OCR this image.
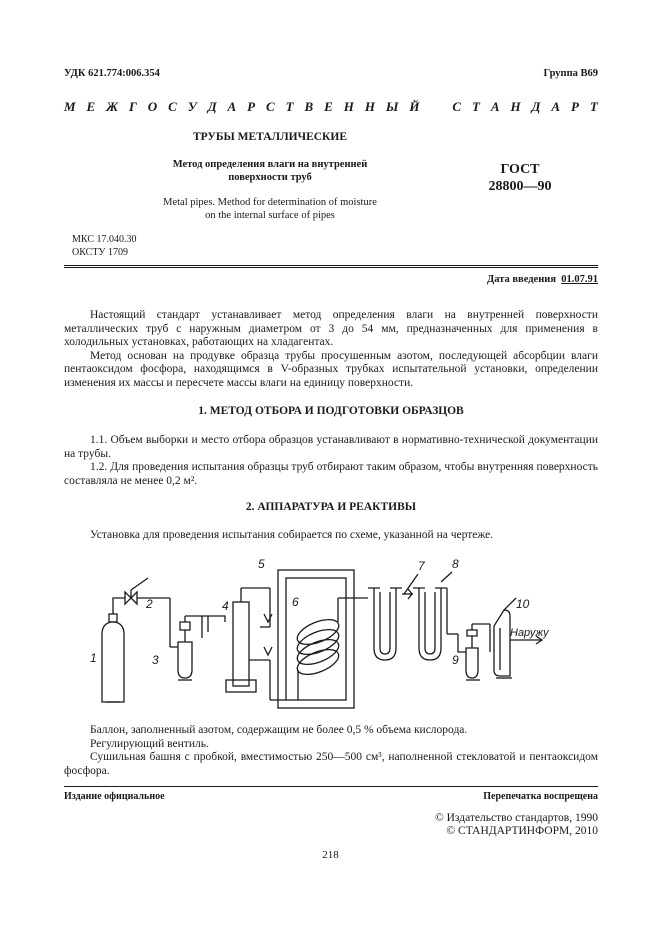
УДК 621.774:006.354	Группа В69
М Е Ж Г О С У Д А Р С Т В Е Н Н Ы Й	С Т А Н Д А Р Т
ТРУБЫ МЕТАЛЛИЧЕСКИЕ
Метод определения влаги на внутренней
поверхности труб
Metal pipes. Method for determination of moisture
on the internal surface of pipes
ГОСТ
28800—90
МКС 17.040.30
ОКСТУ 1709
Дата введения 01.07.91

Настоящий стандарт устанавливает метод определения влаги на внутренней поверхности металлических труб с наружным диаметром от 3 до 54 мм, предназначенных для применения в холодильных установках, работающих на хладагентах.

Метод основан на продувке образца трубы просушенным азотом, последующей абсорбции влаги пентаоксидом фосфора, находящимся в V-образных трубках испытательной установки, определении изменения их массы и пересчете массы влаги на единицу поверхности.

1. МЕТОД ОТБОРА И ПОДГОТОВКИ ОБРАЗЦОВ

1.1. Объем выборки и место отбора образцов устанавливают в нормативно-технической документации на трубы.

1.2. Для проведения испытания образцы труб отбирают таким образом, чтобы внутренняя поверхность составляла не менее 0,2 м².

2. АППАРАТУРА И РЕАКТИВЫ

Установка для проведения испытания собирается по схеме, указанной на чертеже.

1
2
3
4
5
6
7 8
9
10
Наружу

Баллон, заполненный азотом, содержащим не более 0,5 % объема кислорода.

Регулирующий вентиль.

Сушильная башня с пробкой, вместимостью 250—500 см³, наполненной стекловатой и пентаоксидом фосфора.

Издание официальное	Перепечатка воспрещена
© Издательство стандартов, 1990
© СТАНДАРТИНФОРМ, 2010
218
